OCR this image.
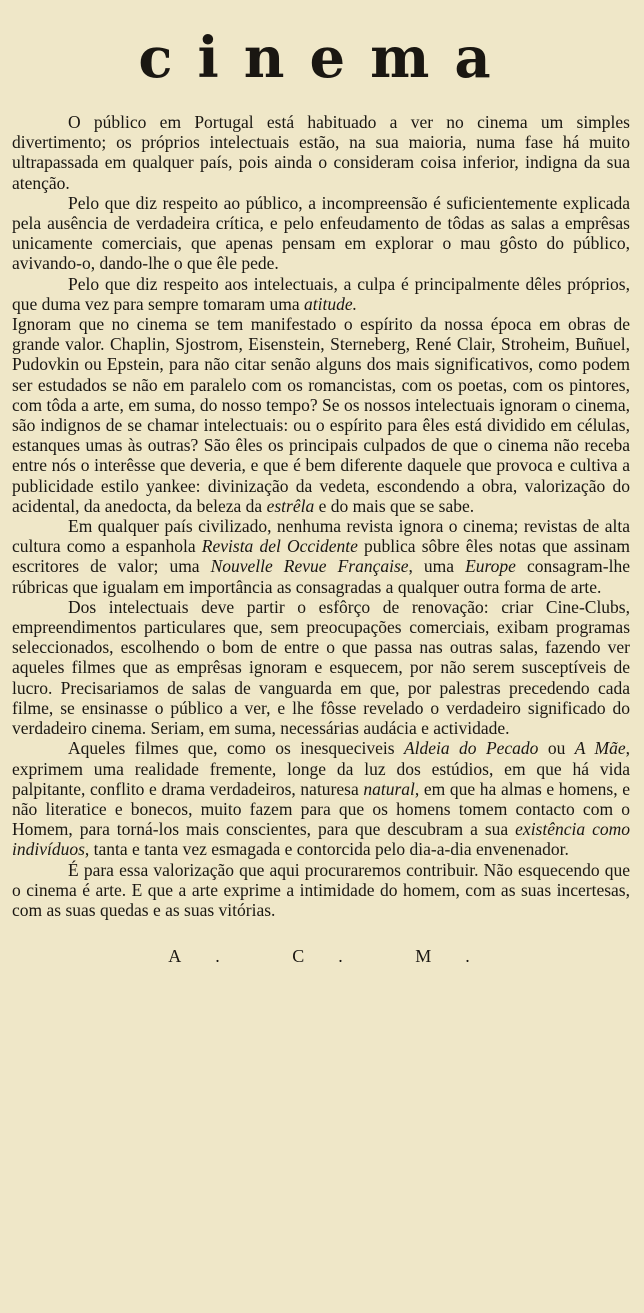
cinema

O público em Portugal está habituado a ver no cinema um simples divertimento; os próprios intelectuais estão, na sua maioria, numa fase há muito ultrapassada em qualquer país, pois ainda o consideram coisa inferior, indigna da sua atenção.

Pelo que diz respeito ao público, a incompreensão é suficientemente explicada pela ausência de verdadeira crítica, e pelo enfeudamento de tôdas as salas a emprêsas unicamente comerciais, que apenas pensam em explorar o mau gôsto do público, avivando-o, dando-lhe o que êle pede.

Pelo que diz respeito aos intelectuais, a culpa é principalmente dêles próprios, que duma vez para sempre tomaram uma atitude.

Ignoram que no cinema se tem manifestado o espírito da nossa época em obras de grande valor. Chaplin, Sjostrom, Eisenstein, Sterneberg, René Clair, Stroheim, Buñuel, Pudovkin ou Epstein, para não citar senão alguns dos mais significativos, como podem ser estudados se não em paralelo com os romancistas, com os poetas, com os pintores, com tôda a arte, em suma, do nosso tempo? Se os nossos intelectuais ignoram o cinema, são indignos de se chamar intelectuais: ou o espírito para êles está dividido em células, estanques umas às outras? São êles os principais culpados de que o cinema não receba entre nós o interêsse que deveria, e que é bem diferente daquele que provoca e cultiva a publicidade estilo yankee: divinização da vedeta, escondendo a obra, valorização do acidental, da anedocta, da beleza da estrêla e do mais que se sabe.

Em qualquer país civilizado, nenhuma revista ignora o cinema; revistas de alta cultura como a espanhola Revista del Occidente publica sôbre êles notas que assinam escritores de valor; uma Nouvelle Revue Française, uma Europe consagram-lhe rúbricas que igualam em importância as consagradas a qualquer outra forma de arte.

Dos intelectuais deve partir o esfôrço de renovação: criar Cine-Clubs, empreendimentos particulares que, sem preocupações comerciais, exibam programas seleccionados, escolhendo o bom de entre o que passa nas outras salas, fazendo ver aqueles filmes que as emprêsas ignoram e esquecem, por não serem susceptíveis de lucro. Precisariamos de salas de vanguarda em que, por palestras precedendo cada filme, se ensinasse o público a ver, e lhe fôsse revelado o verdadeiro significado do verdadeiro cinema. Seriam, em suma, necessárias audácia e actividade.

Aqueles filmes que, como os inesqueciveis Aldeia do Pecado ou A Mãe, exprimem uma realidade fremente, longe da luz dos estúdios, em que há vida palpitante, conflito e drama verdadeiros, naturesa natural, em que ha almas e homens, e não literatice e bonecos, muito fazem para que os homens tomem contacto com o Homem, para torná-los mais conscientes, para que descubram a sua existência como indivíduos, tanta e tanta vez esmagada e contorcida pelo dia-a-dia envenenador.

É para essa valorização que aqui procuraremos contribuir. Não esquecendo que o cinema é arte. E que a arte exprime a intimidade do homem, com as suas incertesas, com as suas quedas e as suas vitórias.

A. C. M.
